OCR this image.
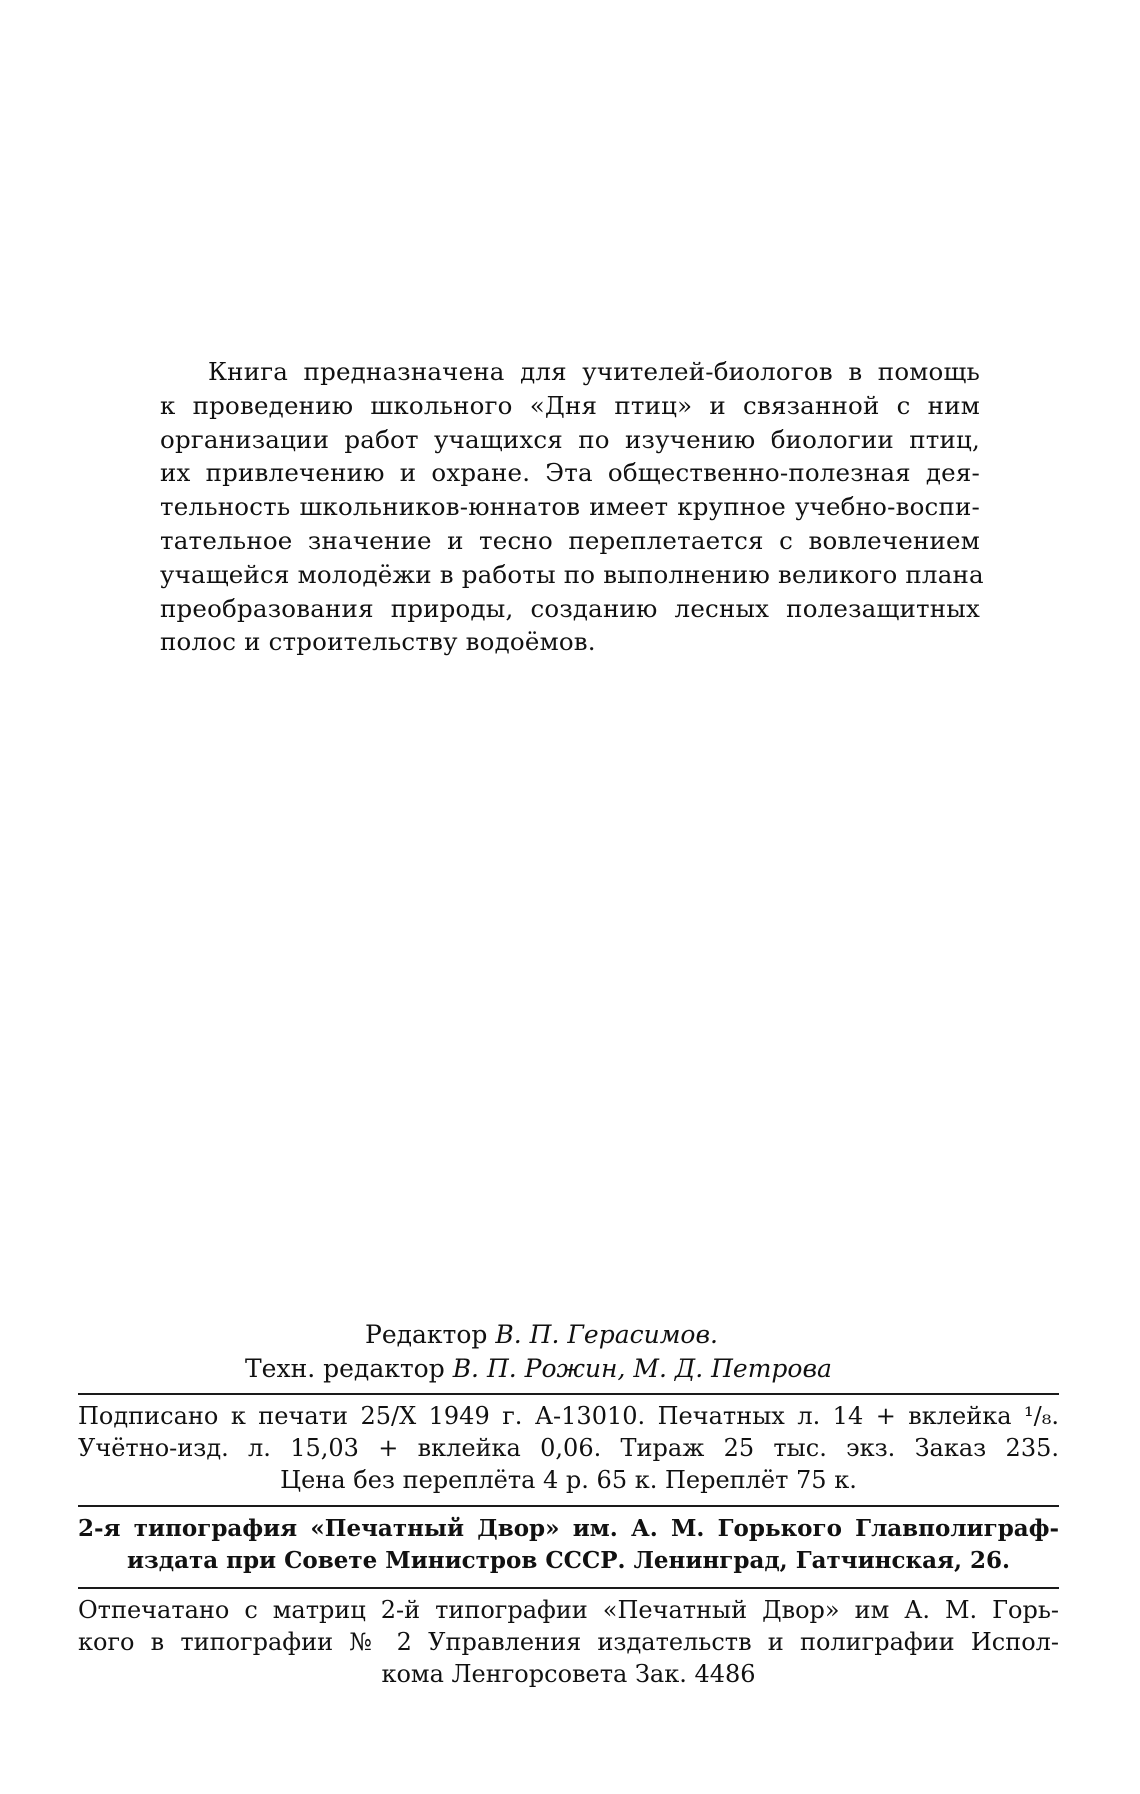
Книга предназначена для учителей-биологов в помощь
к проведению школьного «Дня птиц» и связанной с ним
организации работ учащихся по изучению биологии птиц,
их привлечению и охране. Эта общественно-полезная дея-
тельность школьников-юннатов имеет крупное учебно-воспи-
тательное значение и тесно переплетается с вовлечением
учащейся молодёжи в работы по выполнению великого плана
преобразования природы, созданию лесных полезащитных
полос и строительству водоёмов.
Редактор В. П. Герасимов.
Техн. редактор В. П. Рожин, М. Д. Петрова
Подписано к печати 25/X 1949 г. А-13010. Печатных л. 14 + вклейка ¹/₈.
Учётно-изд. л. 15,03 + вклейка 0,06. Тираж 25 тыс. экз. Заказ 235.
Цена без переплёта 4 р. 65 к. Переплёт 75 к.
2-я типография «Печатный Двор» им. А. М. Горького Главполиграф-
издата при Совете Министров СССР. Ленинград, Гатчинская, 26.
Отпечатано с матриц 2-й типографии «Печатный Двор» им А. М. Горь-
кого в типографии № 2 Управления издательств и полиграфии Испол-
кома Ленгорсовета Зак. 4486
